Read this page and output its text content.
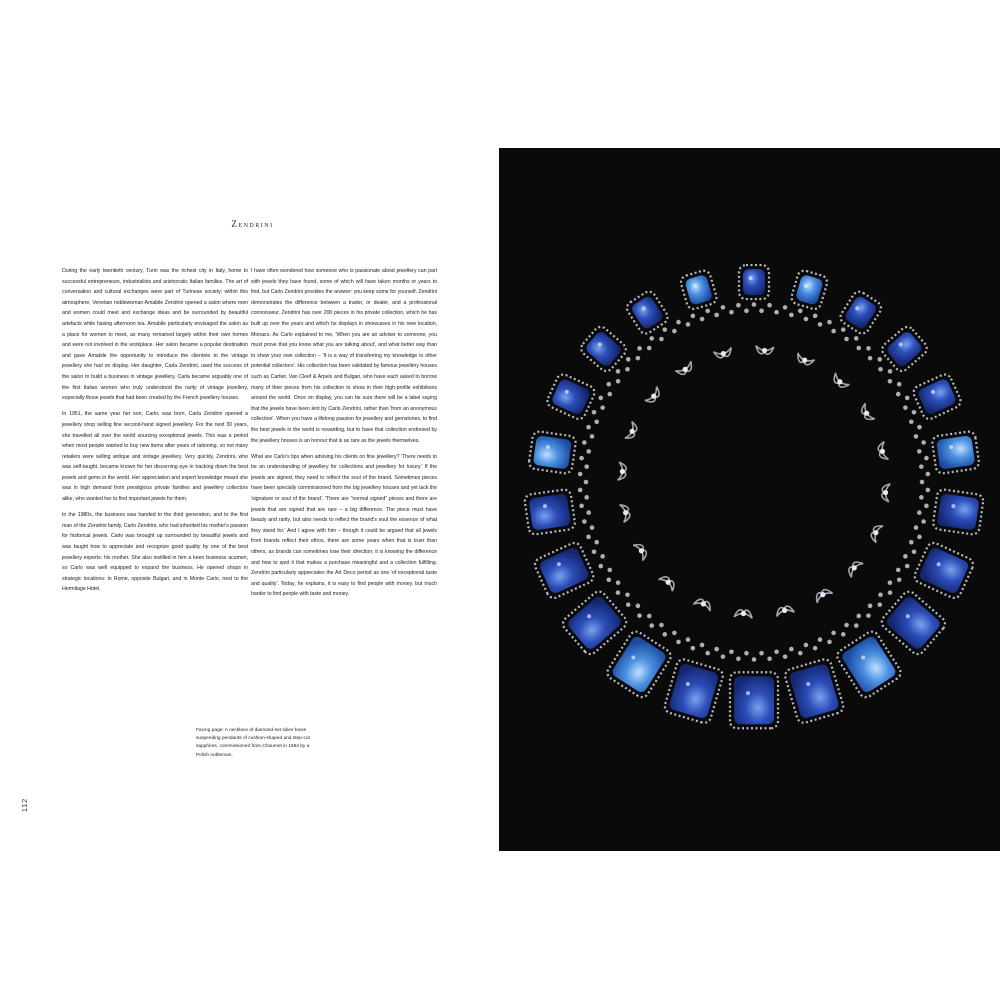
Zendrini

During the early twentieth century, Turin was the richest city in Italy, home to successful entrepreneurs, industrialists and aristocratic Italian families. The art of conversation and cultural exchanges were part of Turinese society; within this atmosphere, Venetian noblewoman Amabile Zendrini opened a salon where men and women could meet and exchange ideas and be surrounded by beautiful artefacts while having afternoon tea. Amabile particularly envisaged the salon as a place for women to meet, as many remained largely within their own homes and were not involved in the workplace. Her salon became a popular destination and gave Amabile the opportunity to introduce the clientele to the vintage jewellery she had on display. Her daughter, Carla Zendrini, used the success of the salon to build a business in vintage jewellery. Carla became arguably one of the first Italian women who truly understood the rarity of vintage jewellery, especially those jewels that had been created by the French jewellery houses.

In 1951, the same year her son, Carlo, was born, Carla Zendrini opened a jewellery shop selling fine second-hand signed jewellery. For the next 30 years, she travelled all over the world sourcing exceptional jewels. This was a period when most people wanted to buy new items after years of rationing, so not many retailers were selling antique and vintage jewellery. Very quickly, Zendrini, who was self-taught, became known for her discerning eye in tracking down the best jewels and gems in the world. Her appreciation and expert knowledge meant she was in high demand from prestigious private families and jewellery collectors alike, who wanted her to find important jewels for them.

In the 1980s, the business was handed to the third generation, and to the first man of the Zendrini family, Carlo Zendrini, who had inherited his mother's passion for historical jewels. Carlo was brought up surrounded by beautiful jewels and was taught how to appreciate and recognize good quality by one of the best jewellery experts: his mother. She also instilled in him a keen business acumen, so Carlo was well equipped to expand the business. He opened shops in strategic locations: in Rome, opposite Bulgari, and in Monte Carlo, next to the Hermitage Hotel.

I have often wondered how someone who is passionate about jewellery can part with jewels they have found, some of which will have taken months or years to find, but Carlo Zendrini provides the answer: you keep some for yourself. Zendrini demonstrates the difference between a trader, or dealer, and a professional connoisseur. Zendrini has over 200 pieces in his private collection, which he has built up over the years and which he displays in showcases in his new location, Monaco. As Carlo explained to me, 'When you are an adviser to someone, you must prove that you know what you are talking about', and what better way than to show your own collection – 'It is a way of transferring my knowledge to other potential collectors'. His collection has been validated by famous jewellery houses such as Cartier, Van Cleef & Arpels and Bulgari, who have each asked to borrow many of their pieces from his collection to show in their high-profile exhibitions around the world. Once on display, you can be sure there will be a label saying that the jewels have been lent by Carlo Zendrini, rather than 'from an anonymous collection'. When you have a lifelong passion for jewellery and gemstones, to find the best jewels in the world is rewarding, but to have that collection endorsed by the jewellery houses is an honour that is as rare as the jewels themselves.

What are Carlo's tips when advising his clients on fine jewellery? 'There needs to be an understanding of jewellery for collections and jewellery for luxury.' If the jewels are signed, they need to reflect the soul of the brand. Sometimes pieces have been specially commissioned from the big jewellery houses and yet lack the 'signature or soul of the brand'. 'There are "normal signed" pieces and there are jewels that are signed that are rare – a big difference. The piece must have beauty and rarity, but also needs to reflect the brand's soul the essence of what they stand for.' And I agree with him – though it could be argued that all jewels from brands reflect their ethos, there are some years when that is truer than others, as brands can sometimes lose their direction; it is knowing the difference and how to spot it that makes a purchase meaningful and a collection fulfilling. Zendrini particularly appreciates the Art Deco period as one 'of exceptional taste and quality'. Today, he explains, it is easy to find people with money, but much harder to find people with taste and money.

Facing page: A necklace of diamond-set silver bows suspending pendants of cushion-shaped and step-cut sapphires, commissioned from Chaumet in 1894 by a Polish nobleman.
112
